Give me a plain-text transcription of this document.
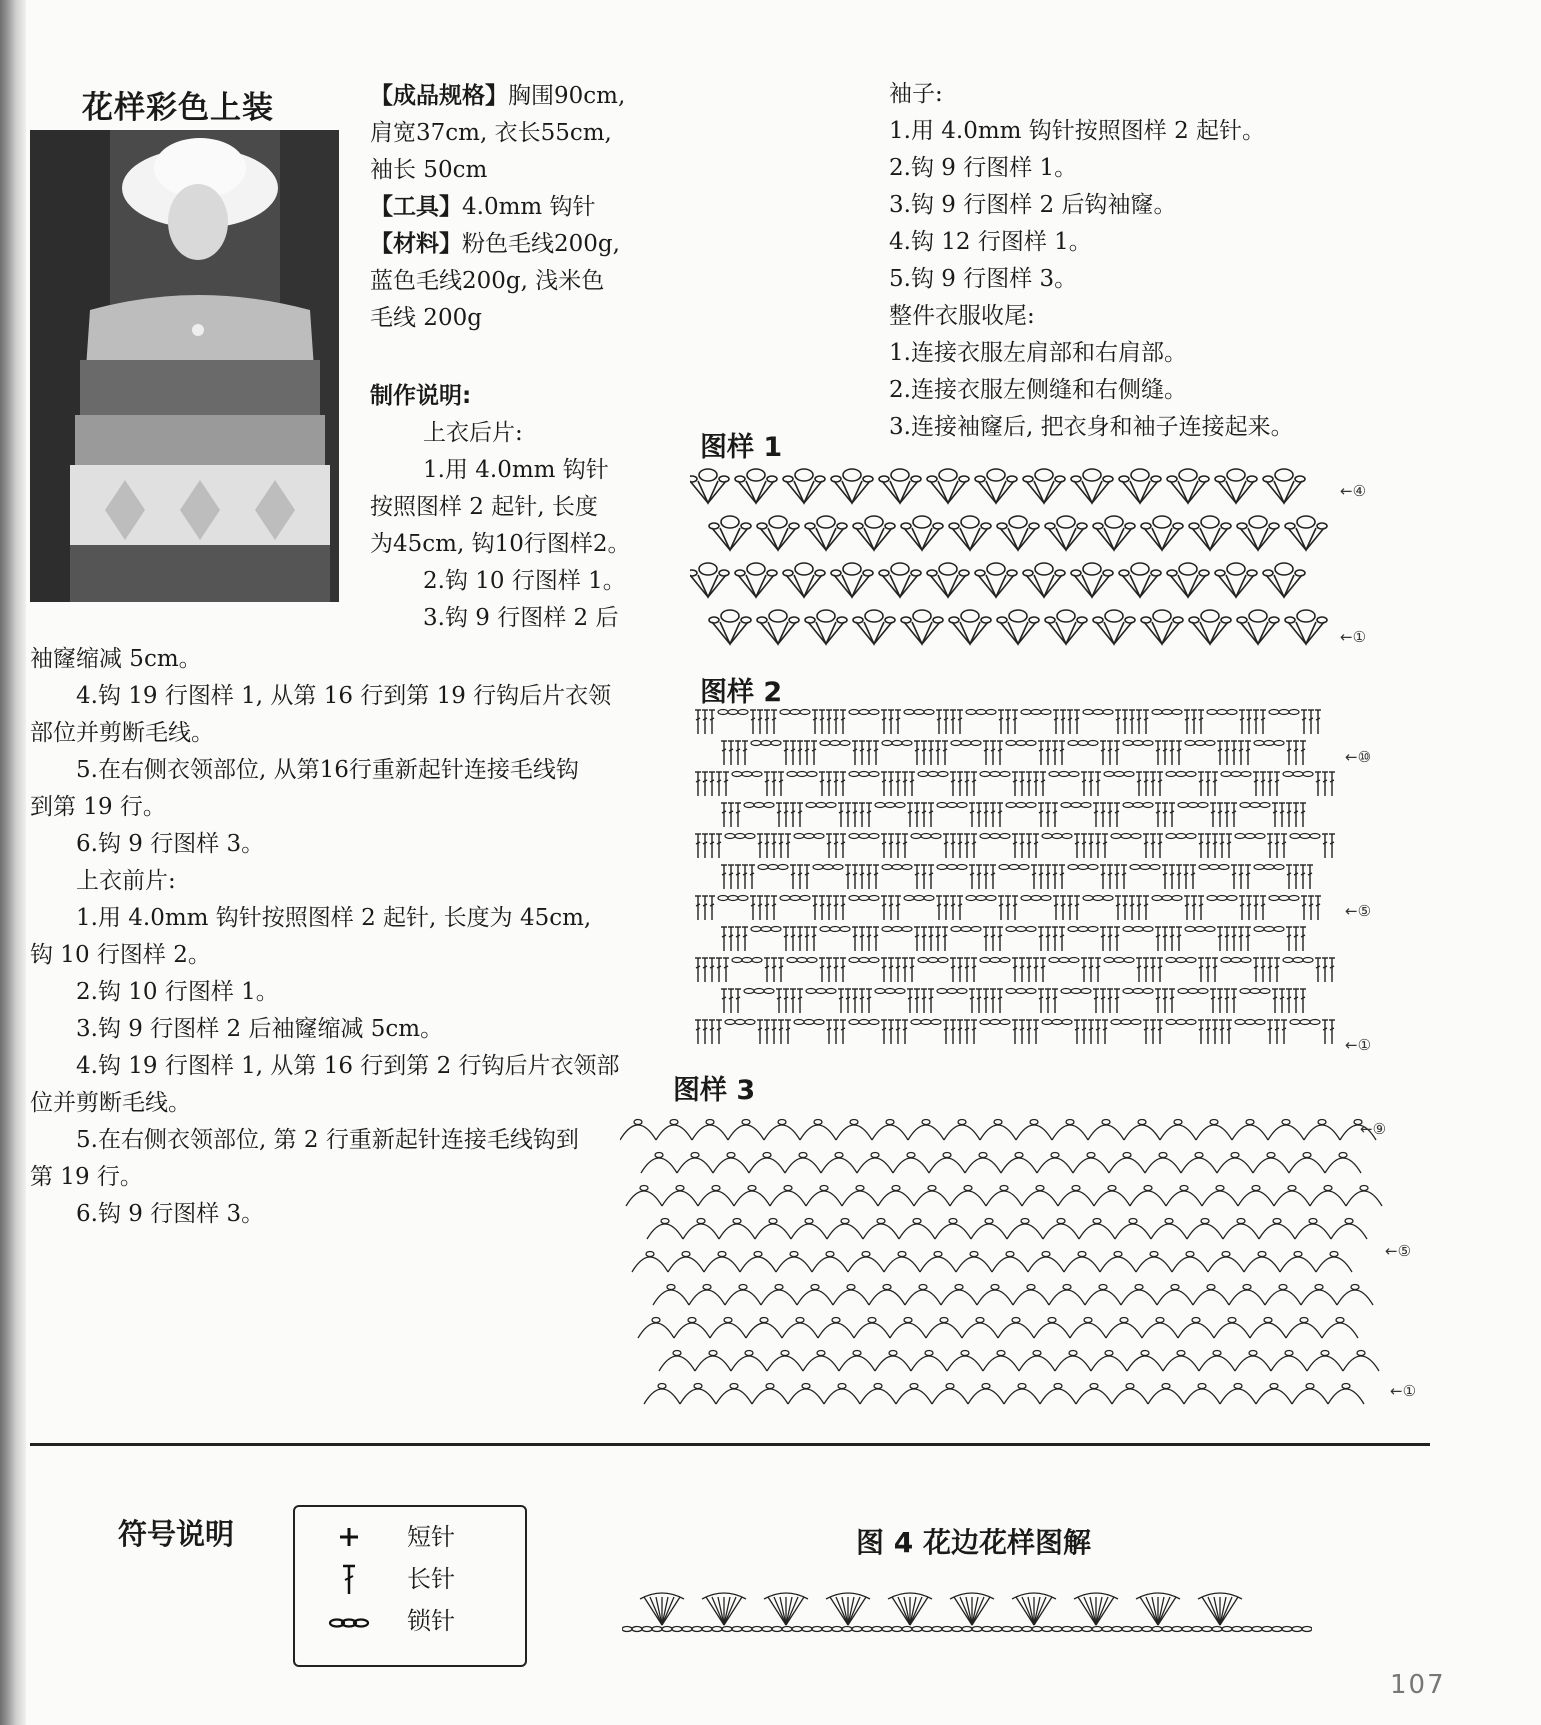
花样彩色上装	【成品规格】胸围90cm,
肩宽37cm, 衣长55cm,
袖长 50cm
【工具】4.0mm 钩针
【材料】粉色毛线200g,
蓝色毛线200g, 浅米色
毛线 200g
制作说明:
上衣后片:
1.用 4.0mm 钩针
按照图样 2 起针, 长度
为45cm, 钩10行图样2。
2.钩 10 行图样 1。
3.钩 9 行图样 2 后
袖窿缩减 5cm。
4.钩 19 行图样 1, 从第 16 行到第 19 行钩后片衣领
部位并剪断毛线。
5.在右侧衣领部位, 从第16行重新起针连接毛线钩
到第 19 行。
6.钩 9 行图样 3。
上衣前片:
1.用 4.0mm 钩针按照图样 2 起针, 长度为 45cm,
钩 10 行图样 2。
2.钩 10 行图样 1。
3.钩 9 行图样 2 后袖窿缩减 5cm。
4.钩 19 行图样 1, 从第 16 行到第 2 行钩后片衣领部
位并剪断毛线。
5.在右侧衣领部位, 第 2 行重新起针连接毛线钩到
第 19 行。
6.钩 9 行图样 3。
袖子:
1.用 4.0mm 钩针按照图样 2 起针。
2.钩 9 行图样 1。
3.钩 9 行图样 2 后钩袖窿。
4.钩 12 行图样 1。
5.钩 9 行图样 3。
整件衣服收尾:
1.连接衣服左肩部和右肩部。
2.连接衣服左侧缝和右侧缝。
3.连接袖窿后, 把衣身和袖子连接起来。
图样 1
←④
←①
图样 2
←⑩
←⑤
←①
图样 3
←⑨
←⑤
←①
符号说明	短针
长针
锁针
图 4 花边花样图解
107
